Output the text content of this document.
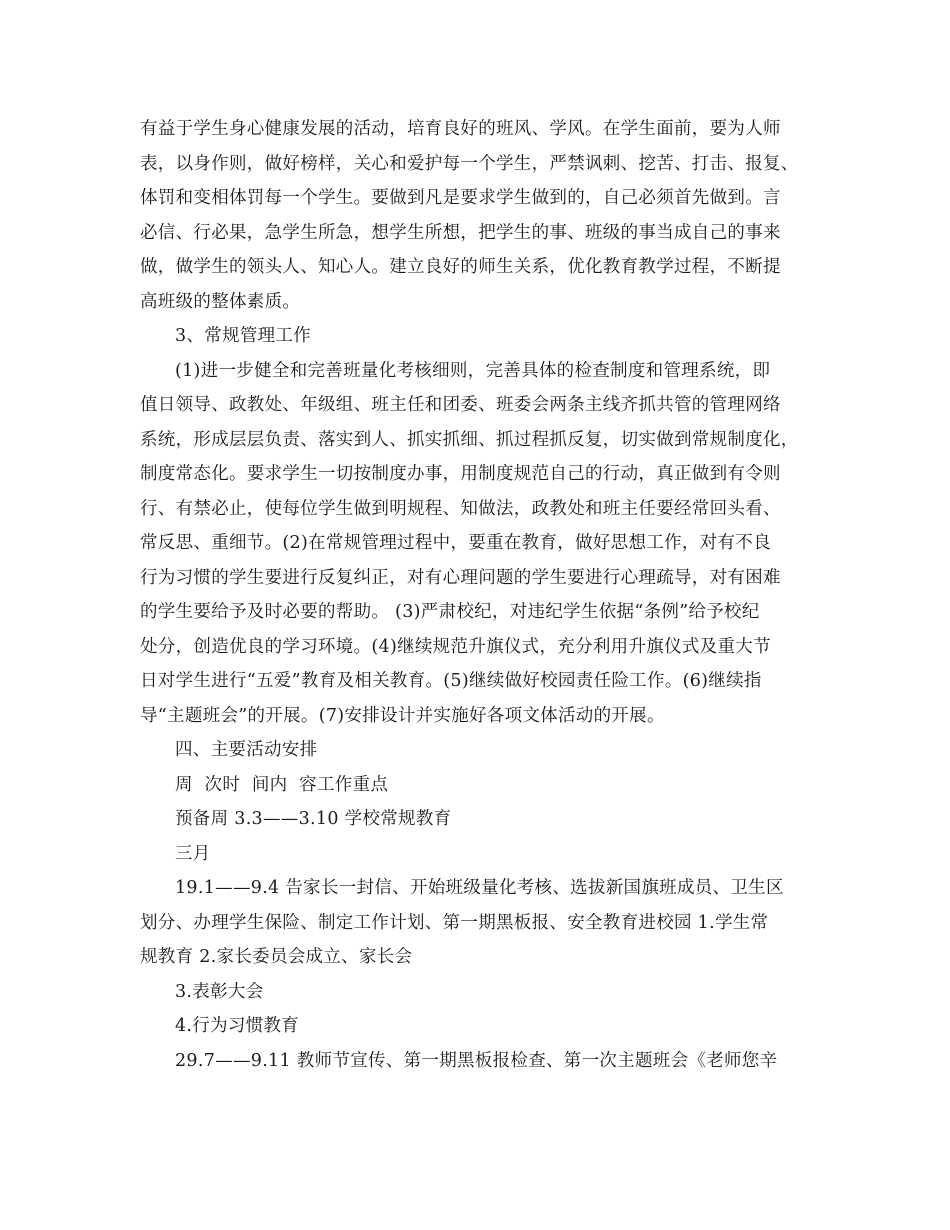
有益于学生身心健康发展的活动，培育良好的班风、学风。在学生面前，要为人师
表，以身作则，做好榜样，关心和爱护每一个学生，严禁讽刺、挖苦、打击、报复、
体罚和变相体罚每一个学生。要做到凡是要求学生做到的，自己必须首先做到。言
必信、行必果，急学生所急，想学生所想，把学生的事、班级的事当成自己的事来
做，做学生的领头人、知心人。建立良好的师生关系，优化教育教学过程，不断提
高班级的整体素质。

3、常规管理工作

(1)进一步健全和完善班量化考核细则，完善具体的检查制度和管理系统，即
值日领导、政教处、年级组、班主任和团委、班委会两条主线齐抓共管的管理网络
系统，形成层层负责、落实到人、抓实抓细、抓过程抓反复，切实做到常规制度化，
制度常态化。要求学生一切按制度办事，用制度规范自己的行动，真正做到有令则
行、有禁必止，使每位学生做到明规程、知做法，政教处和班主任要经常回头看、
常反思、重细节。(2)在常规管理过程中，要重在教育，做好思想工作，对有不良
行为习惯的学生要进行反复纠正，对有心理问题的学生要进行心理疏导，对有困难
的学生要给予及时必要的帮助。 (3)严肃校纪，对违纪学生依据“条例”给予校纪
处分，创造优良的学习环境。(4)继续规范升旗仪式，充分利用升旗仪式及重大节
日对学生进行“五爱”教育及相关教育。(5)继续做好校园责任险工作。(6)继续指
导“主题班会”的开展。(7)安排设计并实施好各项文体活动的开展。

四、主要活动安排

周  次时  间内  容工作重点

预备周 3.3——3.10 学校常规教育

三月

19.1——9.4 告家长一封信、开始班级量化考核、选拔新国旗班成员、卫生区
划分、办理学生保险、制定工作计划、第一期黑板报、安全教育进校园 1.学生常
规教育 2.家长委员会成立、家长会

3.表彰大会

4.行为习惯教育

29.7——9.11 教师节宣传、第一期黑板报检查、第一次主题班会《老师您辛
